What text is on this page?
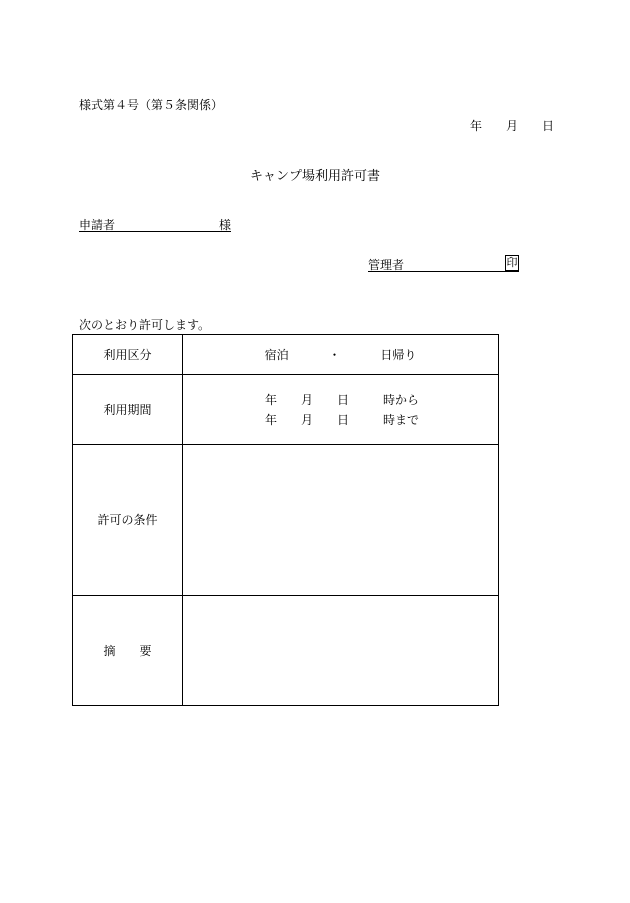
様式第４号（第５条関係）
年 月 日
キャンプ場利用許可書
申請者	様
管理者	印
次のとおり許可します。
利用区分	宿泊 ・ 日帰り
利用期間	年 月 日 時から
年 月 日 時まで

許可の条件	
摘　　要	
